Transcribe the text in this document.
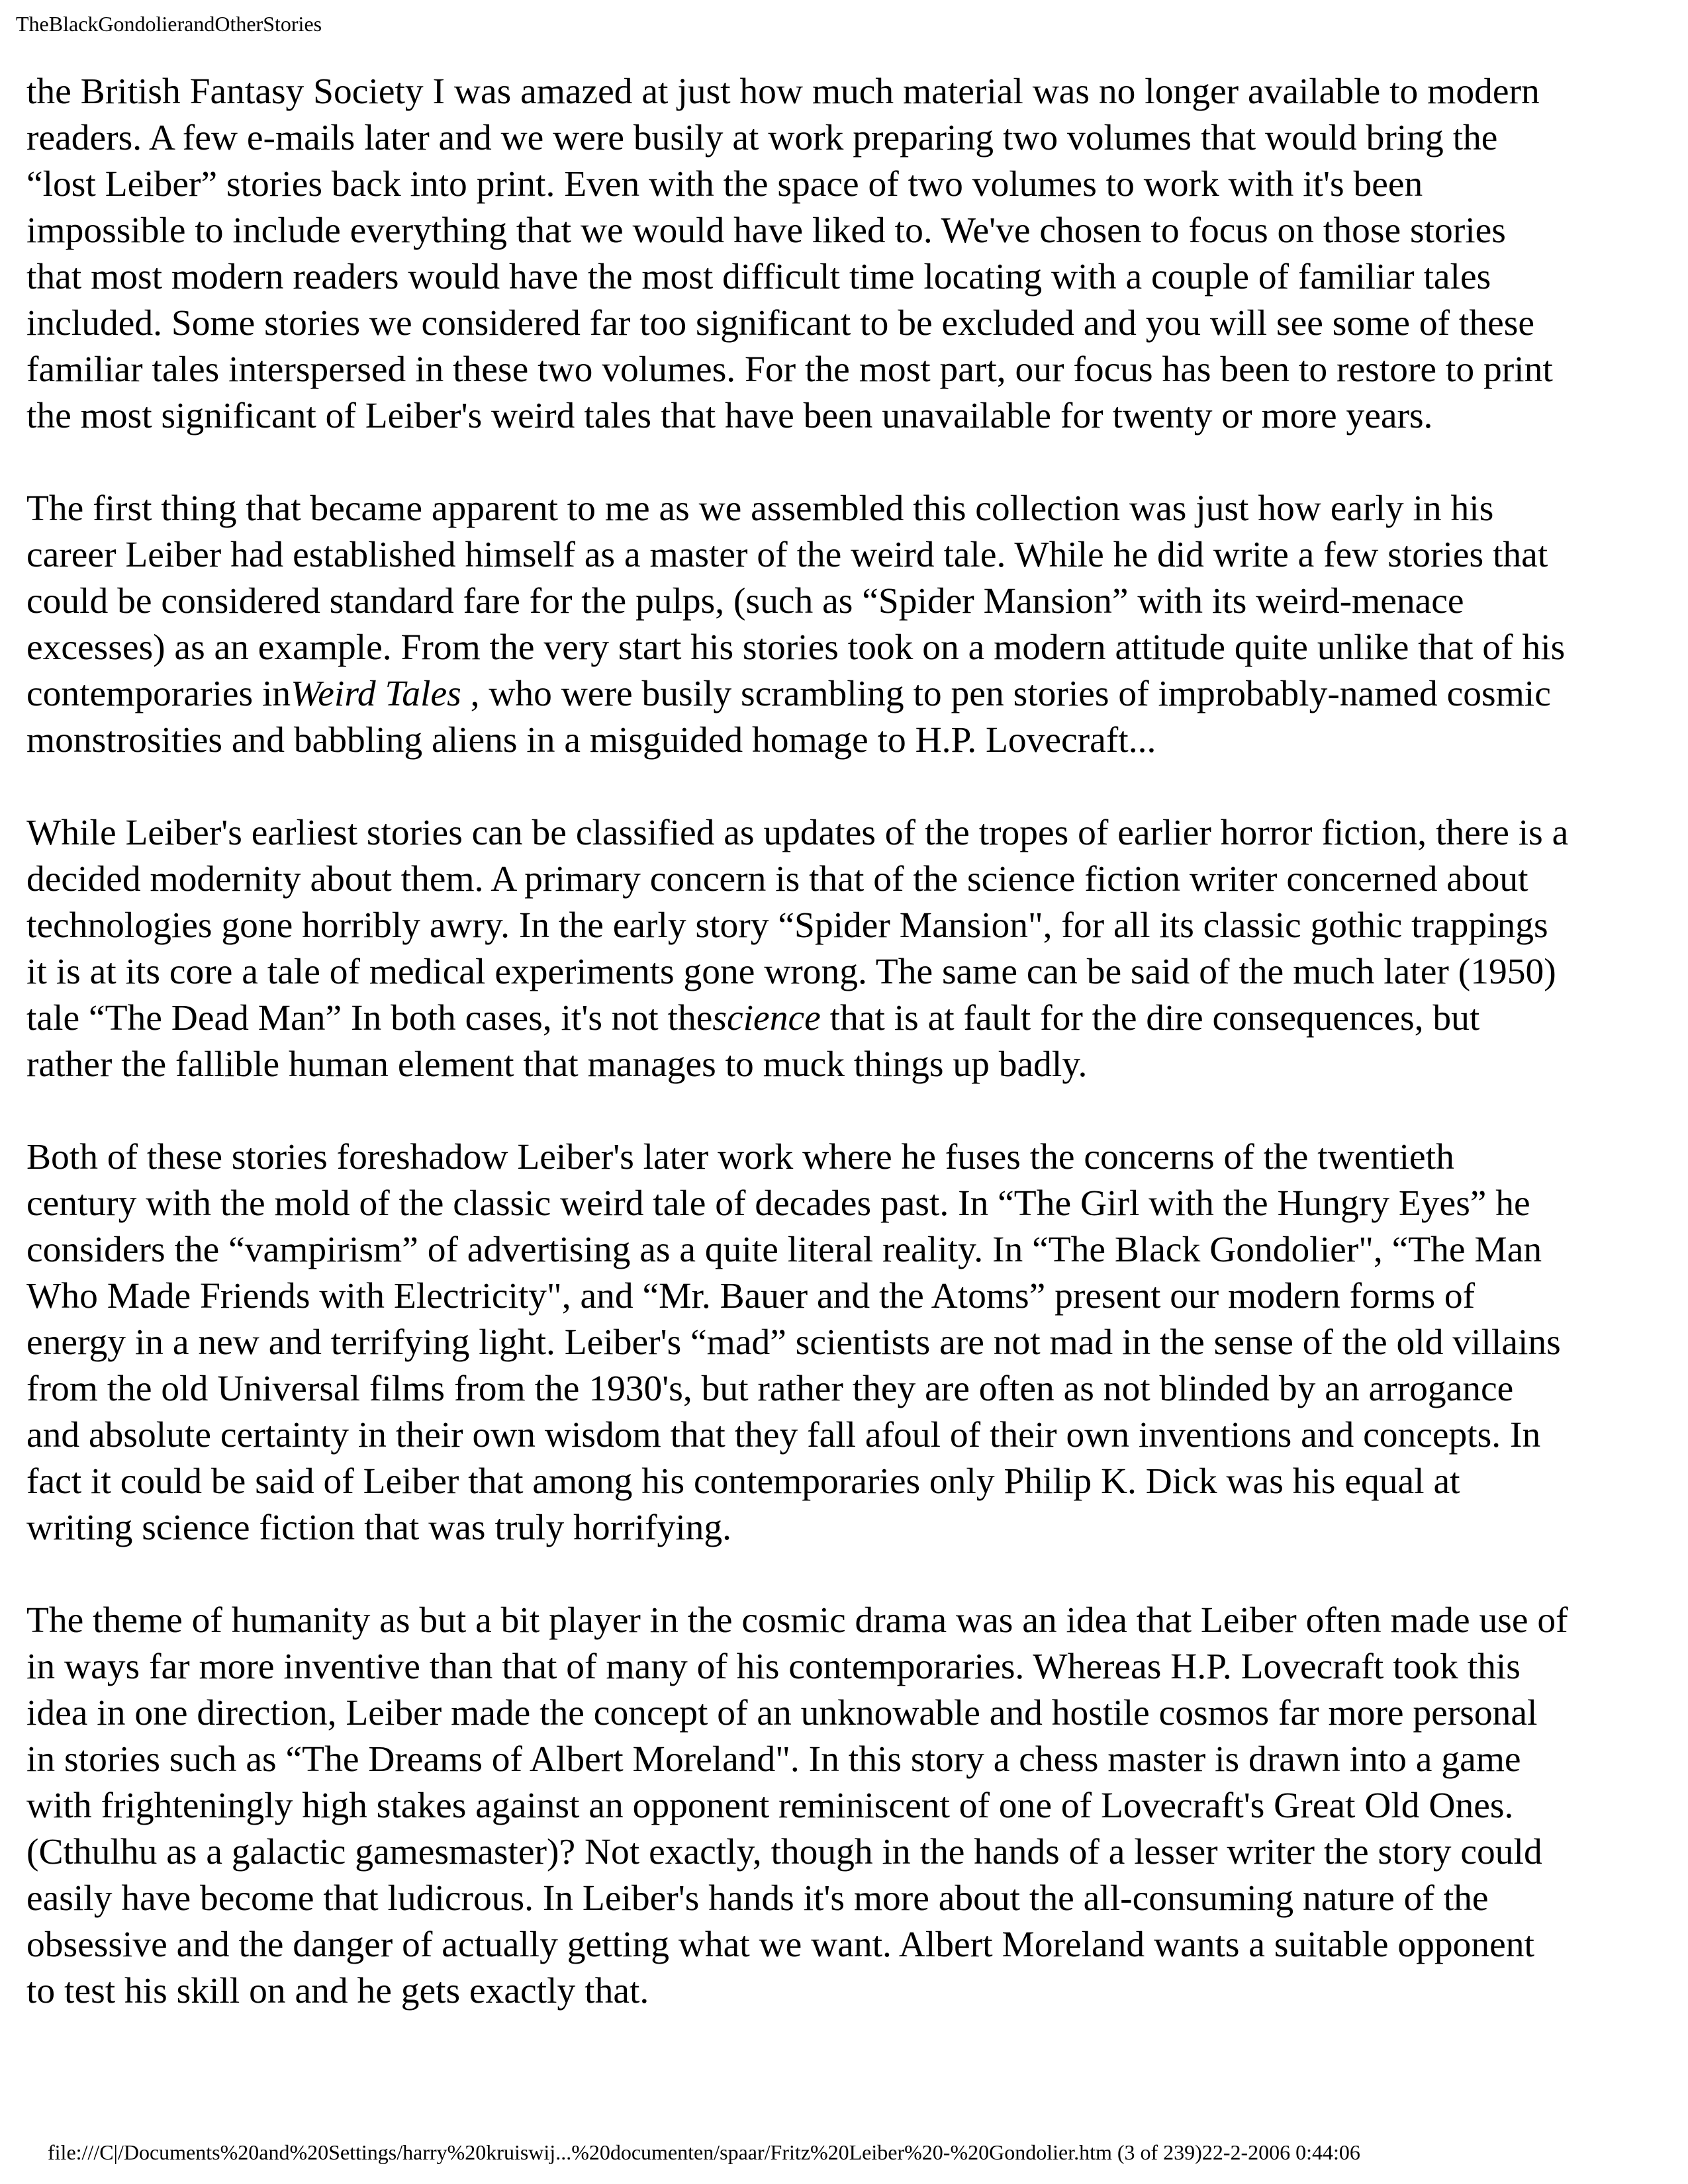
TheBlackGondolierandOtherStories
the British Fantasy Society I was amazed at just how much material was no longer available to modern
readers. A few e-mails later and we were busily at work preparing two volumes that would bring the
“lost Leiber” stories back into print. Even with the space of two volumes to work with it's been
impossible to include everything that we would have liked to. We've chosen to focus on those stories
that most modern readers would have the most difficult time locating with a couple of familiar tales
included. Some stories we considered far too significant to be excluded and you will see some of these
familiar tales interspersed in these two volumes. For the most part, our focus has been to restore to print
the most significant of Leiber's weird tales that have been unavailable for twenty or more years.
The first thing that became apparent to me as we assembled this collection was just how early in his
career Leiber had established himself as a master of the weird tale. While he did write a few stories that
could be considered standard fare for the pulps, (such as “Spider Mansion” with its weird-menace
excesses) as an example. From the very start his stories took on a modern attitude quite unlike that of his
contemporaries inWeird Tales , who were busily scrambling to pen stories of improbably-named cosmic
monstrosities and babbling aliens in a misguided homage to H.P. Lovecraft...
While Leiber's earliest stories can be classified as updates of the tropes of earlier horror fiction, there is a
decided modernity about them. A primary concern is that of the science fiction writer concerned about
technologies gone horribly awry. In the early story “Spider Mansion", for all its classic gothic trappings
it is at its core a tale of medical experiments gone wrong. The same can be said of the much later (1950)
tale “The Dead Man” In both cases, it's not thescience that is at fault for the dire consequences, but
rather the fallible human element that manages to muck things up badly.
Both of these stories foreshadow Leiber's later work where he fuses the concerns of the twentieth
century with the mold of the classic weird tale of decades past. In “The Girl with the Hungry Eyes” he
considers the “vampirism” of advertising as a quite literal reality. In “The Black Gondolier", “The Man
Who Made Friends with Electricity", and “Mr. Bauer and the Atoms” present our modern forms of
energy in a new and terrifying light. Leiber's “mad” scientists are not mad in the sense of the old villains
from the old Universal films from the 1930's, but rather they are often as not blinded by an arrogance
and absolute certainty in their own wisdom that they fall afoul of their own inventions and concepts. In
fact it could be said of Leiber that among his contemporaries only Philip K. Dick was his equal at
writing science fiction that was truly horrifying.
The theme of humanity as but a bit player in the cosmic drama was an idea that Leiber often made use of
in ways far more inventive than that of many of his contemporaries. Whereas H.P. Lovecraft took this
idea in one direction, Leiber made the concept of an unknowable and hostile cosmos far more personal
in stories such as “The Dreams of Albert Moreland". In this story a chess master is drawn into a game
with frighteningly high stakes against an opponent reminiscent of one of Lovecraft's Great Old Ones.
(Cthulhu as a galactic gamesmaster)? Not exactly, though in the hands of a lesser writer the story could
easily have become that ludicrous. In Leiber's hands it's more about the all-consuming nature of the
obsessive and the danger of actually getting what we want. Albert Moreland wants a suitable opponent
to test his skill on and he gets exactly that.
file:///C|/Documents%20and%20Settings/harry%20kruiswij...%20documenten/spaar/Fritz%20Leiber%20-%20Gondolier.htm (3 of 239)22-2-2006 0:44:06
